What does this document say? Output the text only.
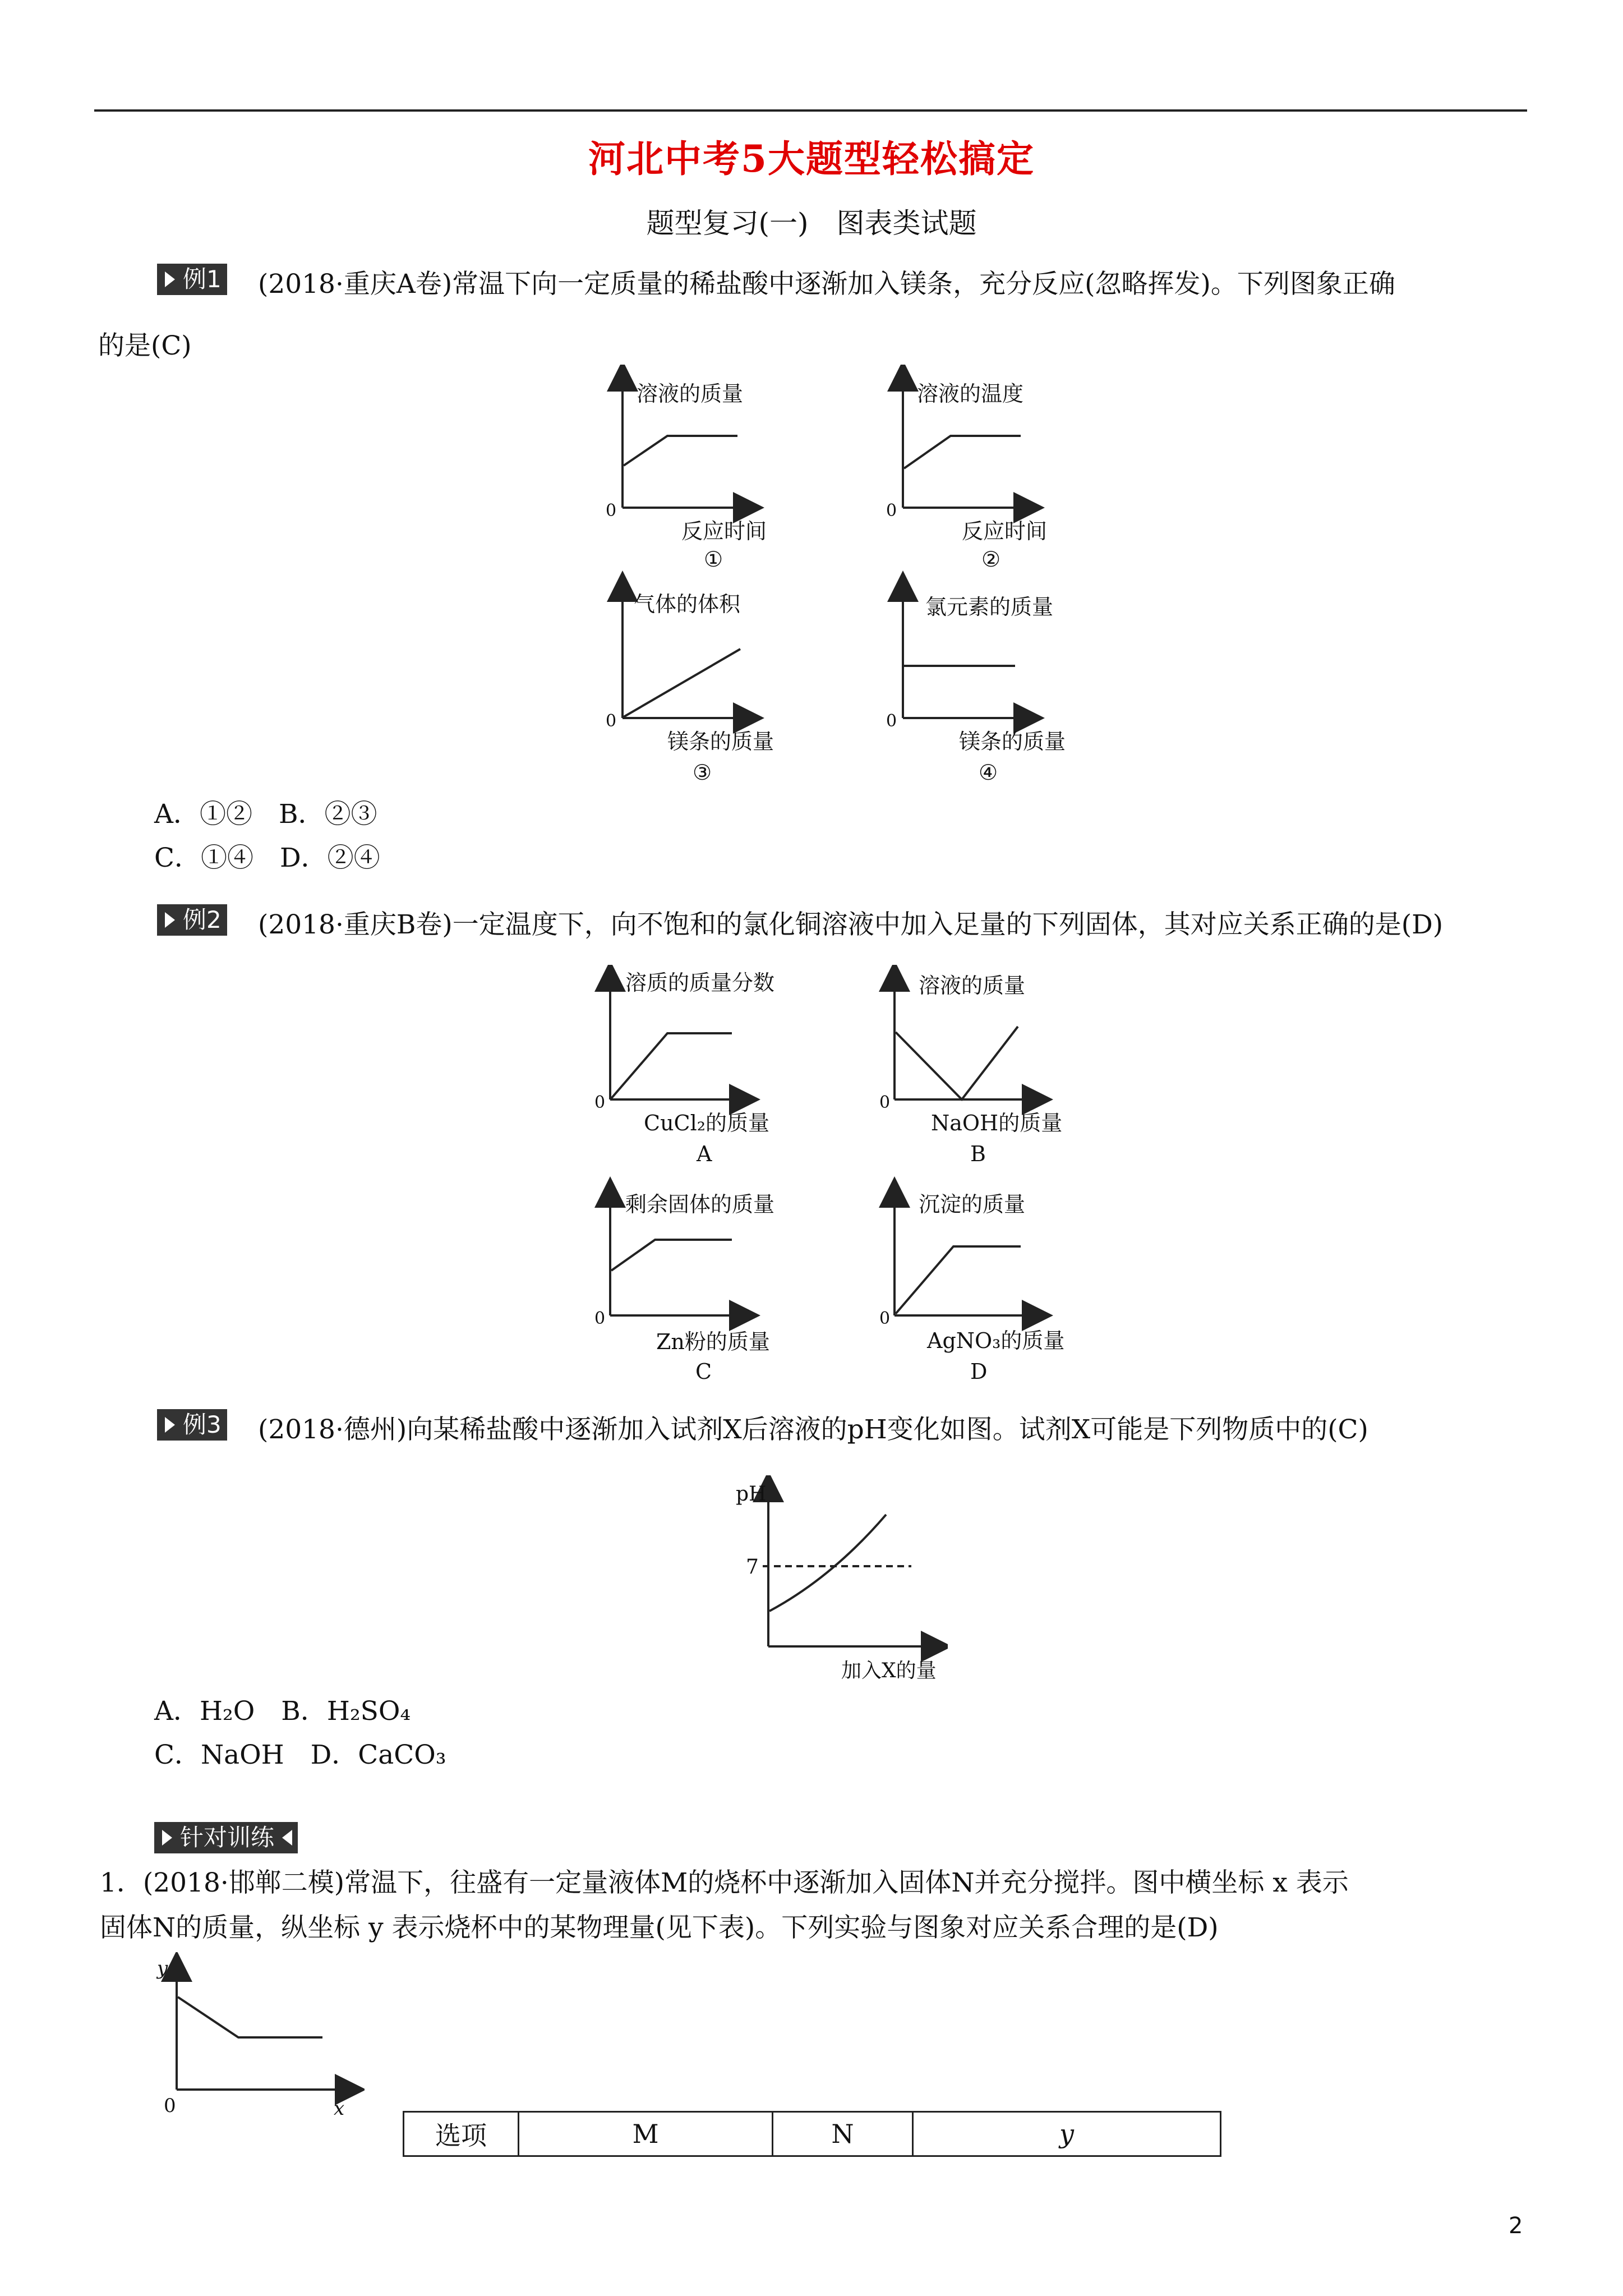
河北中考5大题型轻松搞定
题型复习(一)　图表类试题
例1 (2018·重庆A卷)常温下向一定质量的稀盐酸中逐渐加入镁条，充分反应(忽略挥发)。下列图象正确
的是(C)
溶液的质量
反应时间
0
①
溶液的温度
反应时间
0
②
气体的体积
镁条的质量
0
③
氯元素的质量
镁条的质量
0
④
A．①②　B．②③
C．①④　D．②④
例2 (2018·重庆B卷)一定温度下，向不饱和的氯化铜溶液中加入足量的下列固体，其对应关系正确的是(D)
溶质的质量分数
CuCl₂的质量
0
A
溶液的质量
NaOH的质量
0
B
剩余固体的质量
Zn粉的质量
0
C
沉淀的质量
AgNO₃的质量
0
D
例3 (2018·德州)向某稀盐酸中逐渐加入试剂X后溶液的pH变化如图。试剂X可能是下列物质中的(C)
pH
7
加入X的量
A．H₂O　B．H₂SO₄
C．NaOH　D．CaCO₃
针对训练
1．(2018·邯郸二模)常温下，往盛有一定量液体M的烧杯中逐渐加入固体N并充分搅拌。图中横坐标 x 表示
固体N的质量，纵坐标 y 表示烧杯中的某物理量(见下表)。下列实验与图象对应关系合理的是(D)
y
x
0
选项	M	N	y
2
